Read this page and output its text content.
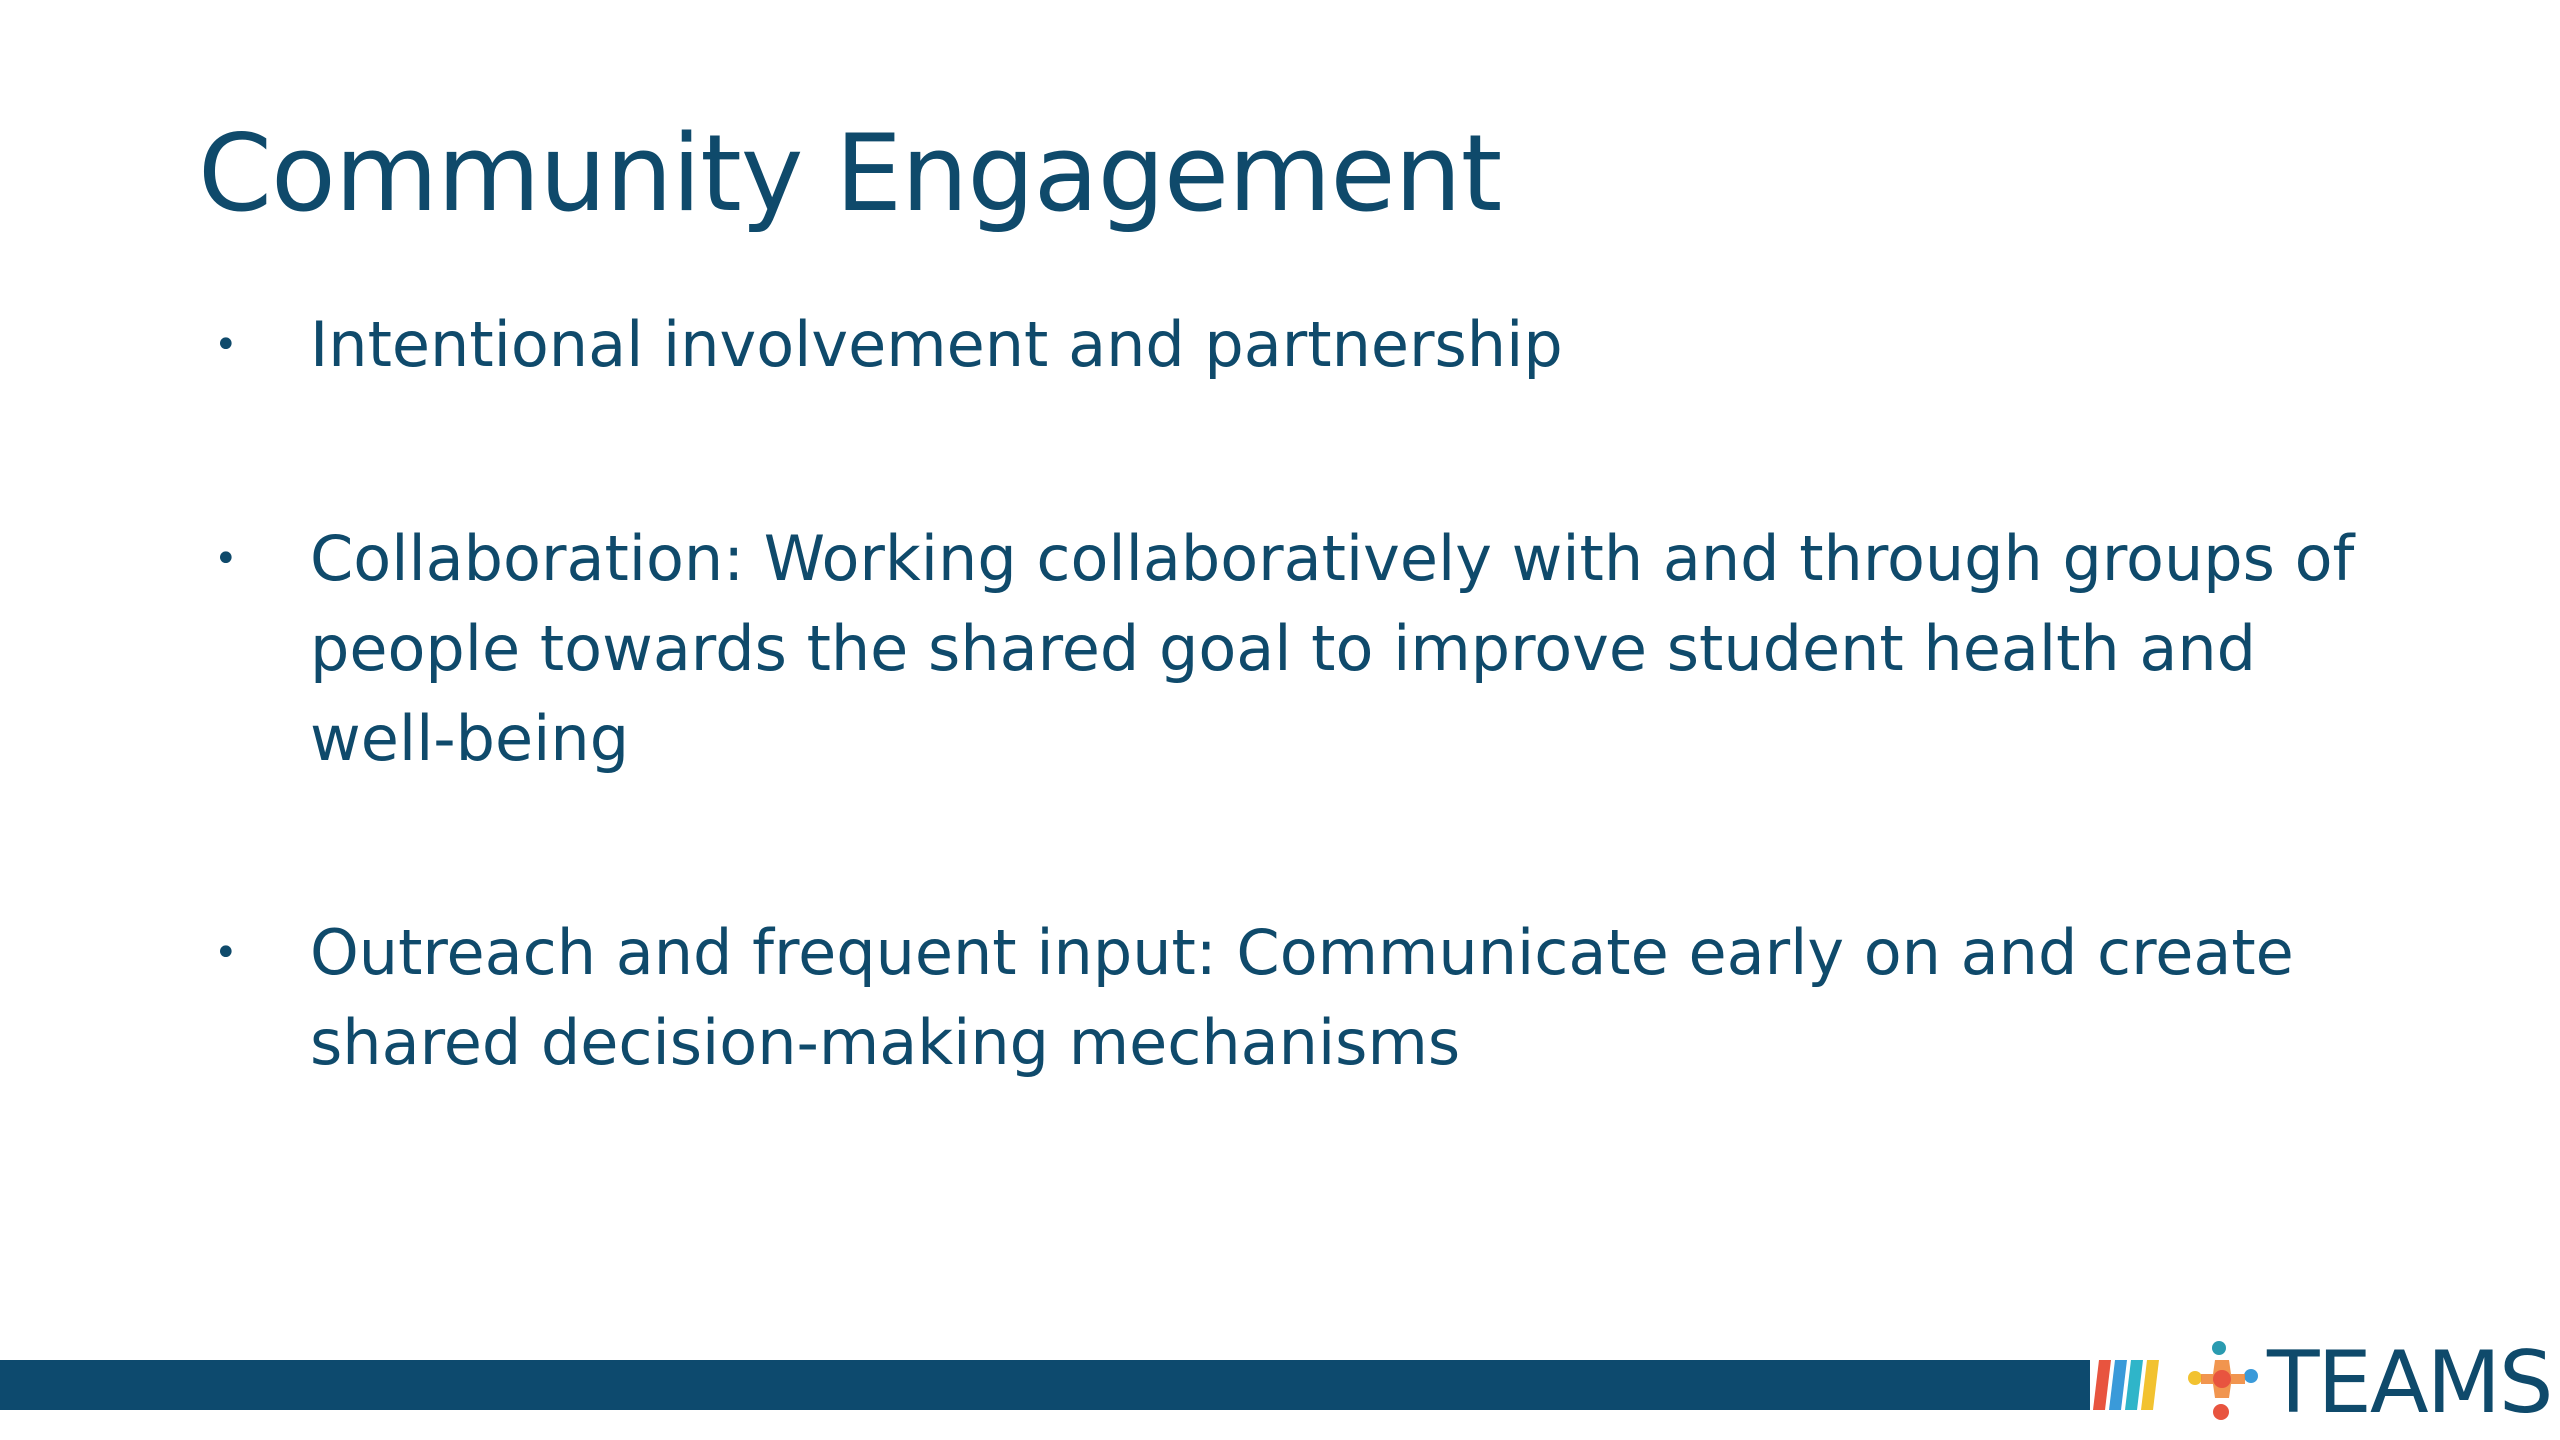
Community Engagement
• Intentional involvement and partnership
• Collaboration: Working collaboratively with and through groups of people towards the shared goal to improve student health and well-being
• Outreach and frequent input: Communicate early on and create shared decision-making mechanisms
TEAMS
